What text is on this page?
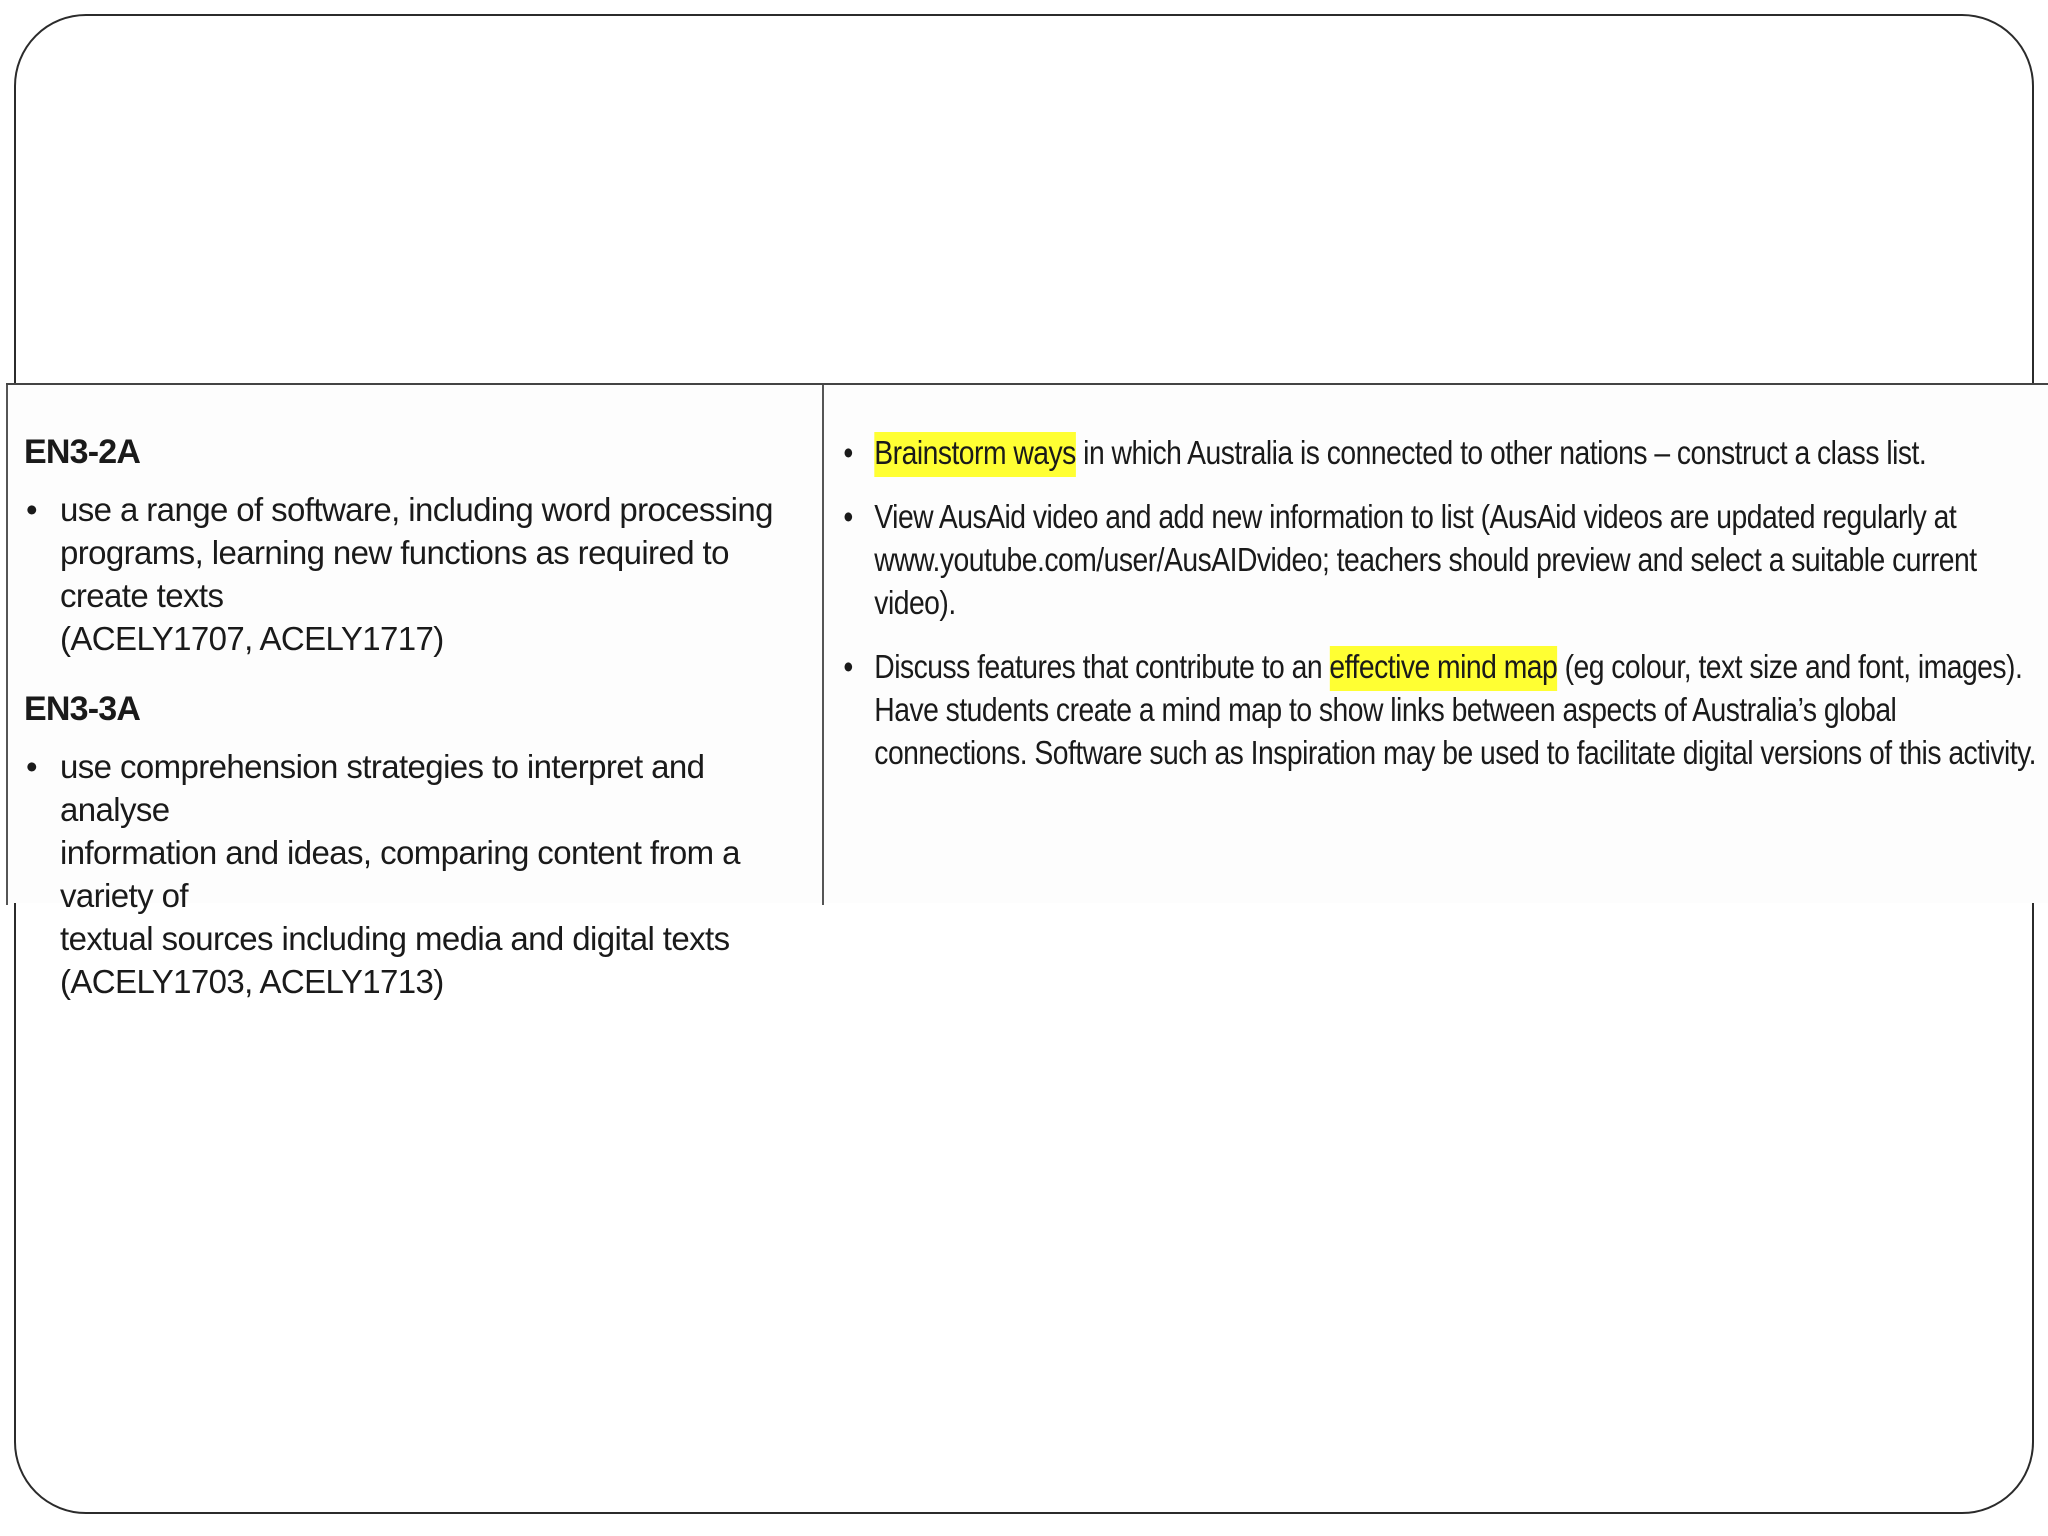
EN3-2A
• use a range of software, including word processing
programs, learning new functions as required to create texts
(ACELY1707, ACELY1717)
EN3-3A
• use comprehension strategies to interpret and analyse
information and ideas, comparing content from a variety of
textual sources including media and digital texts
(ACELY1703, ACELY1713)
• Brainstorm ways in which Australia is connected to other nations – construct a class list.
• View AusAid video and add new information to list (AusAid videos are updated regularly at
www.youtube.com/user/AusAIDvideo; teachers should preview and select a suitable current
video).
• Discuss features that contribute to an effective mind map (eg colour, text size and font, images).
Have students create a mind map to show links between aspects of Australia’s global
connections. Software such as Inspiration may be used to facilitate digital versions of this activity.
